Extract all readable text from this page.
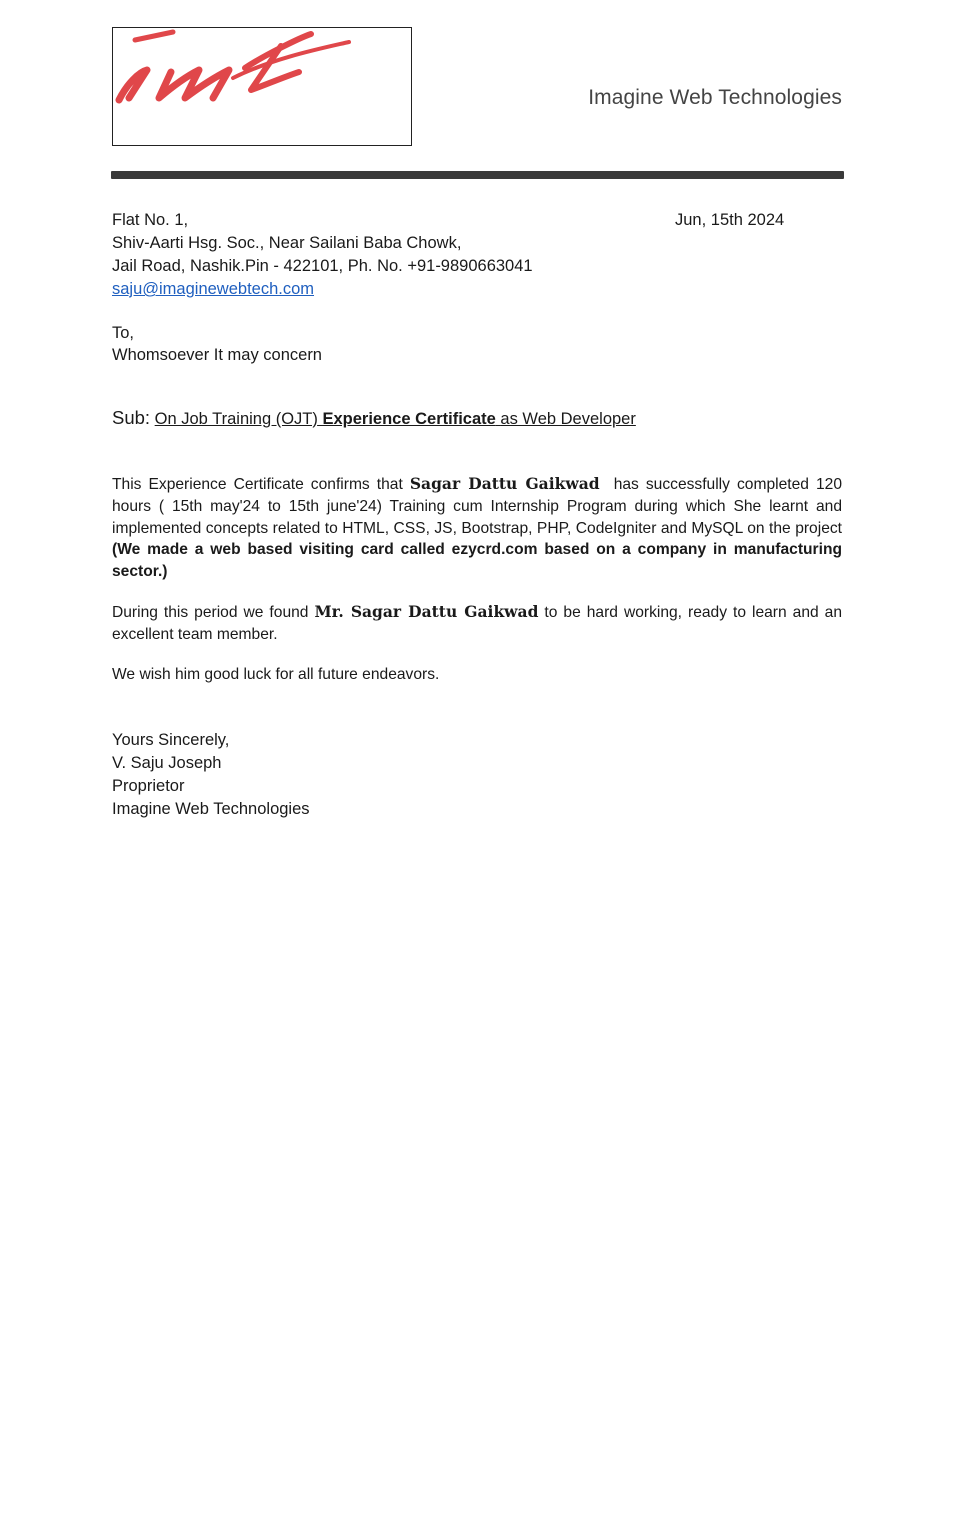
Imagine Web Technologies
Flat No. 1,
Shiv-Aarti Hsg. Soc., Near Sailani Baba Chowk,
Jail Road, Nashik.Pin - 422101, Ph. No. +91-9890663041
saju@imaginewebtech.com
Jun, 15th 2024
To,
Whomsoever It may concern
Sub: On Job Training (OJT) Experience Certificate as Web Developer

This Experience Certificate confirms that Sagar Dattu Gaikwad has successfully completed 120 hours ( 15th may'24 to 15th june'24) Training cum Internship Program during which She learnt and implemented concepts related to HTML, CSS, JS, Bootstrap, PHP, CodeIgniter and MySQL on the project (We made a web based visiting card called ezycrd.com based on a company in manufacturing sector.)

During this period we found Mr. Sagar Dattu Gaikwad to be hard working, ready to learn and an excellent team member.

We wish him good luck for all future endeavors.

Yours Sincerely,
V. Saju Joseph
Proprietor
Imagine Web Technologies
